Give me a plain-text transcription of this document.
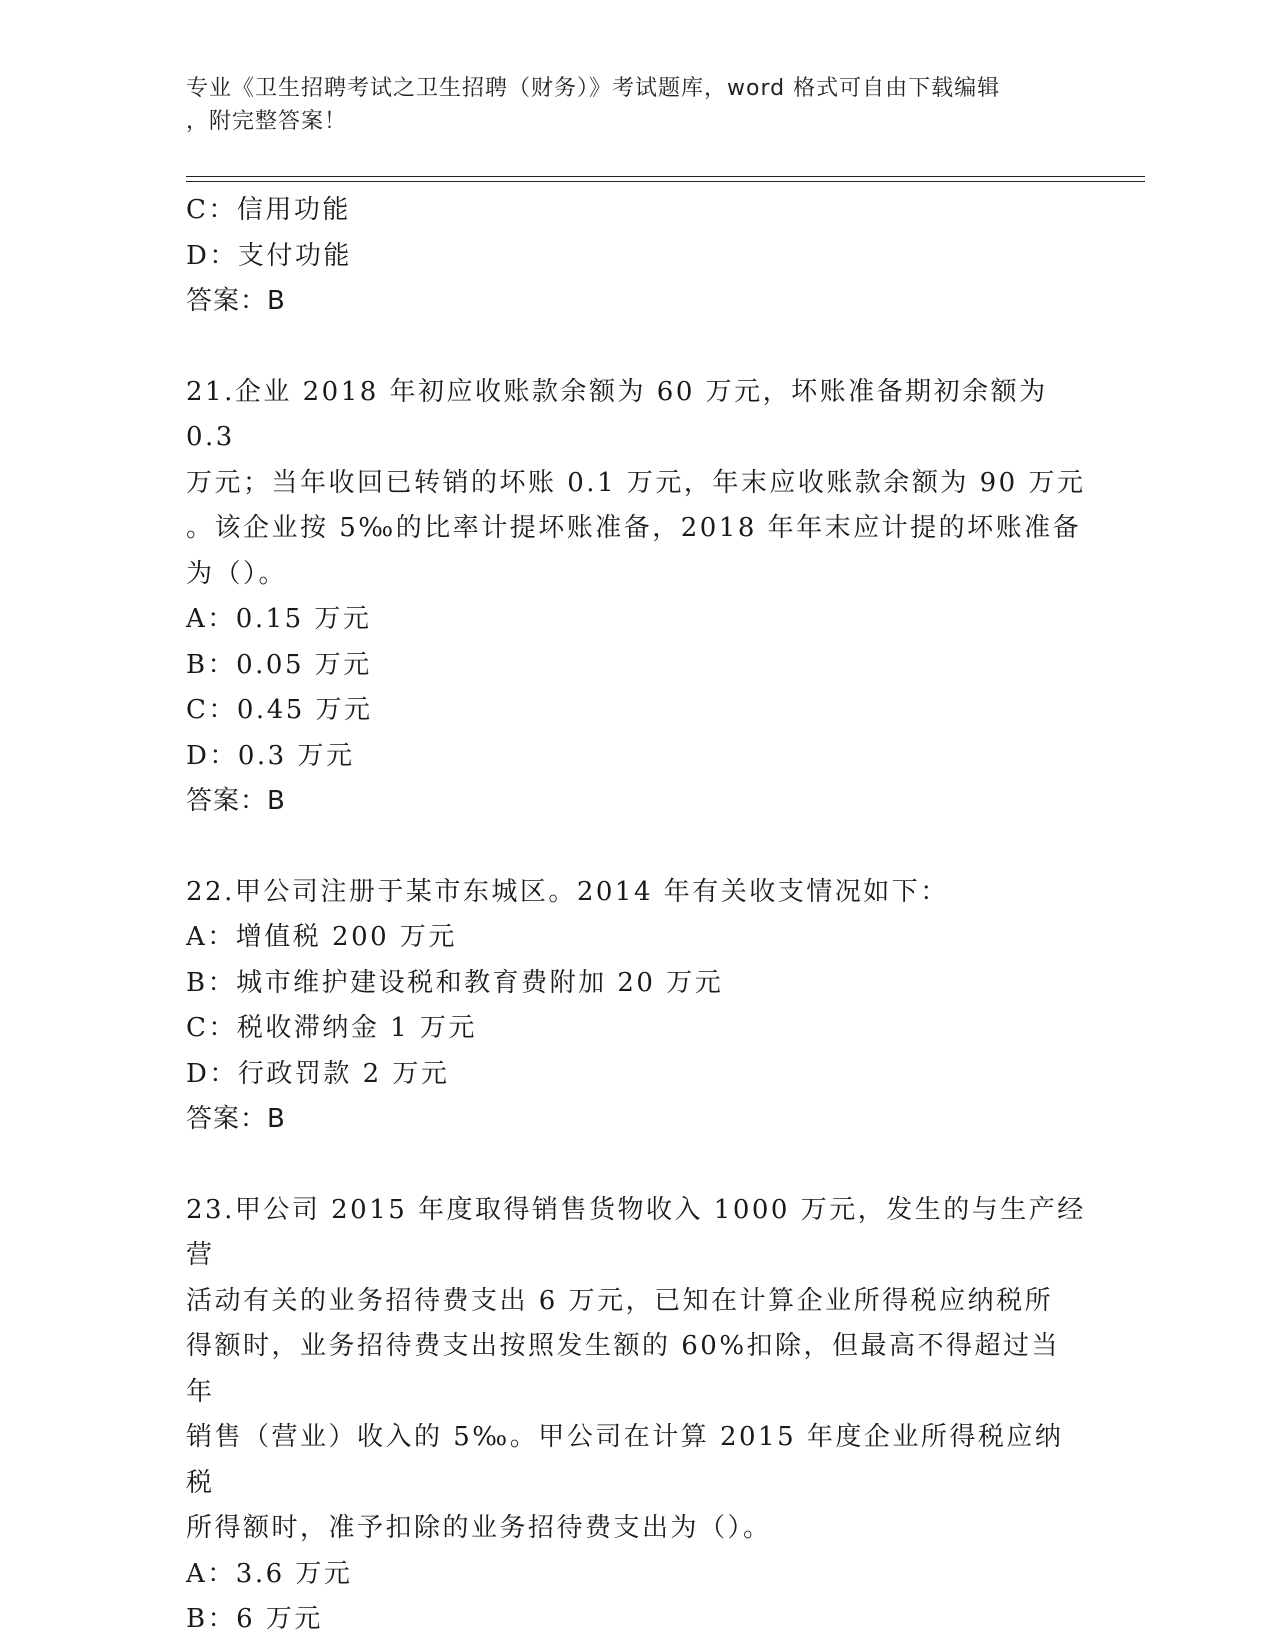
专业《卫生招聘考试之卫生招聘（财务）》考试题库，word 格式可自由下载编辑
，附完整答案！

C：信用功能

D：支付功能

答案：B

21.企业 2018 年初应收账款余额为 60 万元，坏账准备期初余额为 0.3

万元；当年收回已转销的坏账 0.1 万元，年末应收账款余额为 90 万元

。该企业按 5‰的比率计提坏账准备，2018 年年末应计提的坏账准备

为（）。

A：0.15 万元

B：0.05 万元

C：0.45 万元

D：0.3 万元

答案：B

22.甲公司注册于某市东城区。2014 年有关收支情况如下：

A：增值税 200 万元

B：城市维护建设税和教育费附加 20 万元

C：税收滞纳金 1 万元

D：行政罚款 2 万元

答案：B

23.甲公司 2015 年度取得销售货物收入 1000 万元，发生的与生产经营

活动有关的业务招待费支出 6 万元，已知在计算企业所得税应纳税所

得额时，业务招待费支出按照发生额的 60%扣除，但最高不得超过当年

销售（营业）收入的 5‰。甲公司在计算 2015 年度企业所得税应纳税

所得额时，准予扣除的业务招待费支出为（）。

A：3.6 万元

B：6 万元
